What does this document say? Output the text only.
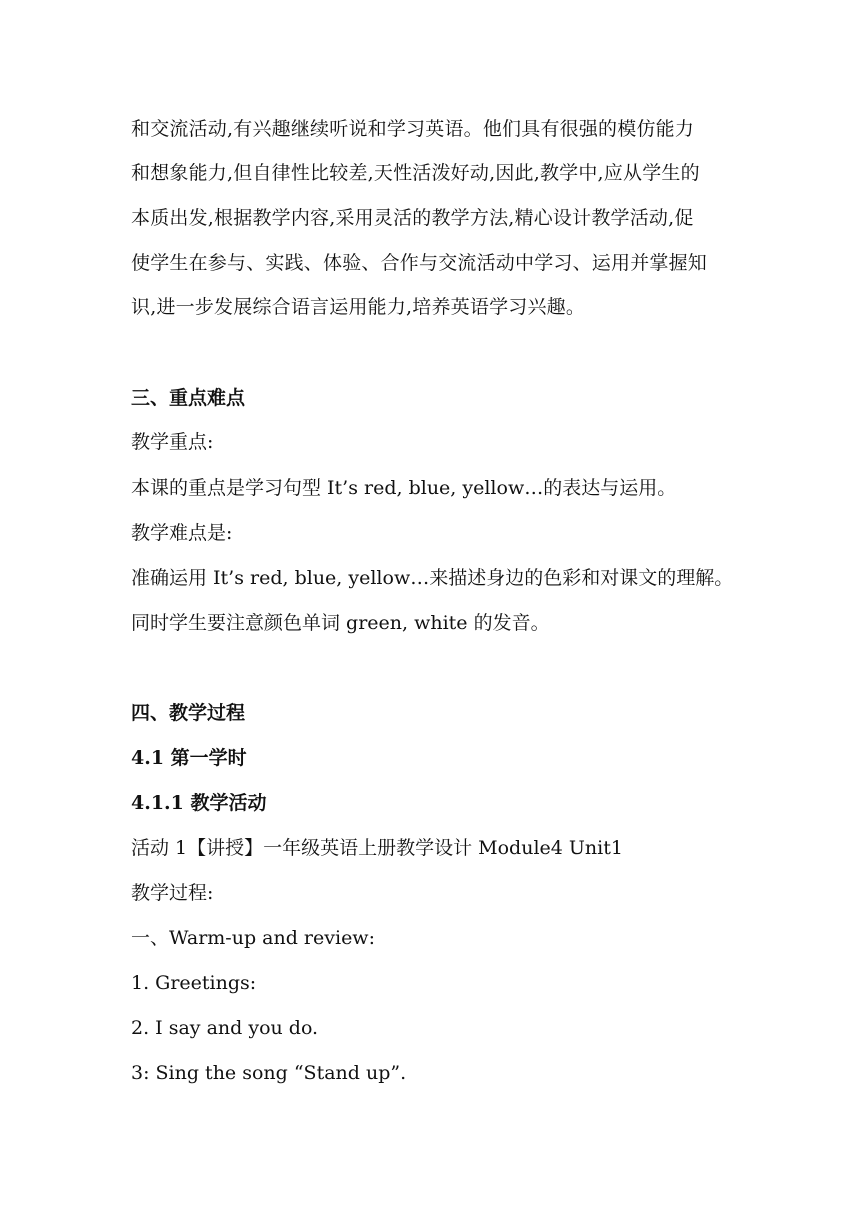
和交流活动,有兴趣继续听说和学习英语。他们具有很强的模仿能力
和想象能力,但自律性比较差,天性活泼好动,因此,教学中,应从学生的
本质出发,根据教学内容,采用灵活的教学方法,精心设计教学活动,促
使学生在参与、实践、体验、合作与交流活动中学习、运用并掌握知
识,进一步发展综合语言运用能力,培养英语学习兴趣。
三、重点难点
教学重点:
本课的重点是学习句型 It’s red, blue, yellow…的表达与运用。
教学难点是:
准确运用 It’s red, blue, yellow…来描述身边的色彩和对课文的理解。
同时学生要注意颜色单词 green, white 的发音。
四、教学过程
4.1 第一学时
4.1.1 教学活动
活动 1【讲授】一年级英语上册教学设计 Module4 Unit1
教学过程:
一、Warm-up and review:
1. Greetings:
2. I say and you do.
3: Sing the song “Stand up”.
